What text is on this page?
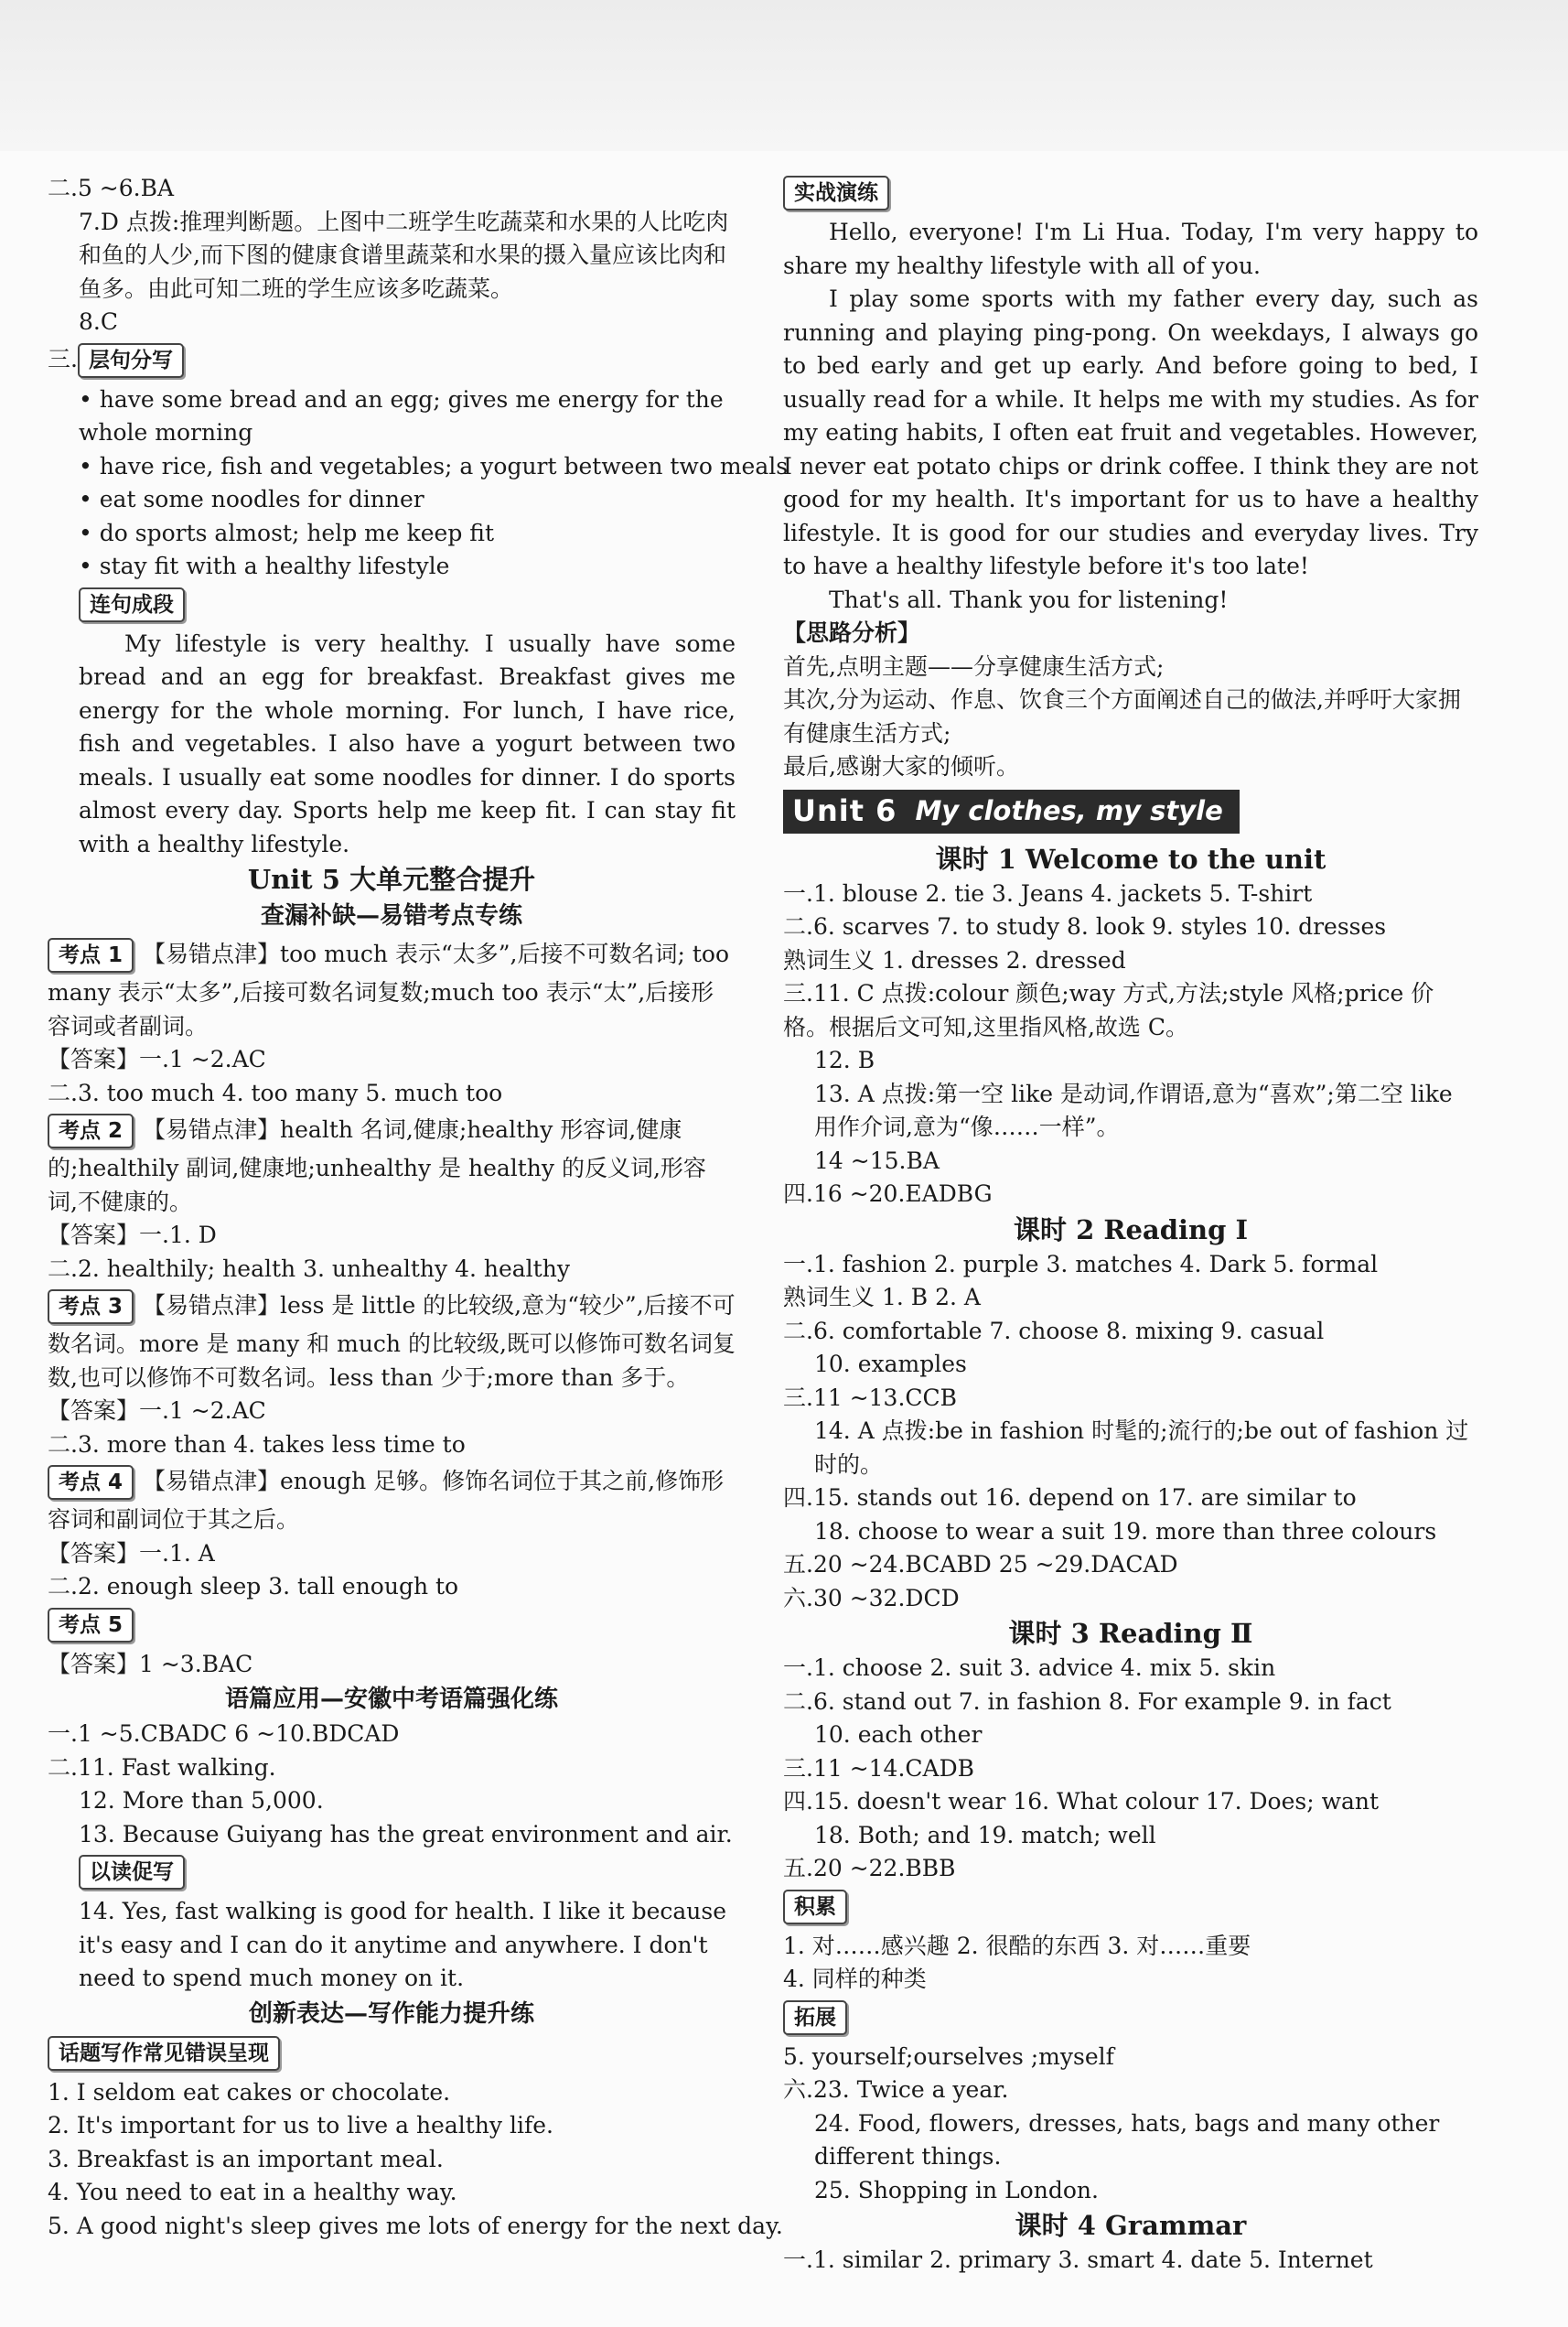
二.5 ~6.BA
7.D 点拨:推理判断题。上图中二班学生吃蔬菜和水果的人比吃肉和鱼的人少,而下图的健康食谱里蔬菜和水果的摄入量应该比肉和鱼多。由此可知二班的学生应该多吃蔬菜。
8.C
三. 层句分写
• have some bread and an egg; gives me energy for the whole morning
• have rice, fish and vegetables; a yogurt between two meals
• eat some noodles for dinner
• do sports almost; help me keep fit
• stay fit with a healthy lifestyle
连句成段
My lifestyle is very healthy. I usually have some bread and an egg for breakfast. Breakfast gives me energy for the whole morning. For lunch, I have rice, fish and vegetables. I also have a yogurt between two meals. I usually eat some noodles for dinner. I do sports almost every day. Sports help me keep fit. I can stay fit with a healthy lifestyle.
Unit 5 大单元整合提升
查漏补缺—易错考点专练
考点 1 【易错点津】too much 表示“太多”,后接不可数名词; too many 表示“太多”,后接可数名词复数;much too 表示“太”,后接形容词或者副词。
【答案】一.1 ~2.AC
二.3. too much 4. too many 5. much too
考点 2 【易错点津】health 名词,健康;healthy 形容词,健康的;healthily 副词,健康地;unhealthy 是 healthy 的反义词,形容词,不健康的。
【答案】一.1. D
二.2. healthily; health 3. unhealthy 4. healthy
考点 3 【易错点津】less 是 little 的比较级,意为“较少”,后接不可数名词。more 是 many 和 much 的比较级,既可以修饰可数名词复数,也可以修饰不可数名词。less than 少于;more than 多于。
【答案】一.1 ~2.AC
二.3. more than 4. takes less time to
考点 4 【易错点津】enough 足够。修饰名词位于其之前,修饰形容词和副词位于其之后。
【答案】一.1. A
二.2. enough sleep 3. tall enough to
考点 5
【答案】1 ~3.BAC
语篇应用—安徽中考语篇强化练
一.1 ~5.CBADC 6 ~10.BDCAD
二.11. Fast walking.
12. More than 5,000.
13. Because Guiyang has the great environment and air.
以读促写
14. Yes, fast walking is good for health. I like it because it's easy and I can do it anytime and anywhere. I don't need to spend much money on it.
创新表达—写作能力提升练
话题写作常见错误呈现
1. I seldom eat cakes or chocolate.
2. It's important for us to live a healthy life.
3. Breakfast is an important meal.
4. You need to eat in a healthy way.
5. A good night's sleep gives me lots of energy for the next day.
实战演练
Hello, everyone! I'm Li Hua. Today, I'm very happy to share my healthy lifestyle with all of you.
I play some sports with my father every day, such as running and playing ping-pong. On weekdays, I always go to bed early and get up early. And before going to bed, I usually read for a while. It helps me with my studies. As for my eating habits, I often eat fruit and vegetables. However, I never eat potato chips or drink coffee. I think they are not good for my health. It's important for us to have a healthy lifestyle. It is good for our studies and everyday lives. Try to have a healthy lifestyle before it's too late!
That's all. Thank you for listening!
【思路分析】
首先,点明主题——分享健康生活方式;
其次,分为运动、作息、饮食三个方面阐述自己的做法,并呼吁大家拥有健康生活方式;
最后,感谢大家的倾听。
Unit 6 My clothes, my style
课时 1 Welcome to the unit
一.1. blouse 2. tie 3. Jeans 4. jackets 5. T-shirt
二.6. scarves 7. to study 8. look 9. styles 10. dresses
熟词生义 1. dresses 2. dressed
三.11. C 点拨:colour 颜色;way 方式,方法;style 风格;price 价格。根据后文可知,这里指风格,故选 C。
12. B
13. A 点拨:第一空 like 是动词,作谓语,意为“喜欢”;第二空 like 用作介词,意为“像……一样”。
14 ~15.BA
四.16 ~20.EADBG
课时 2 Reading Ⅰ
一.1. fashion 2. purple 3. matches 4. Dark 5. formal
熟词生义 1. B 2. A
二.6. comfortable 7. choose 8. mixing 9. casual
10. examples
三.11 ~13.CCB
14. A 点拨:be in fashion 时髦的;流行的;be out of fashion 过时的。
四.15. stands out 16. depend on 17. are similar to
18. choose to wear a suit 19. more than three colours
五.20 ~24.BCABD 25 ~29.DACAD
六.30 ~32.DCD
课时 3 Reading Ⅱ
一.1. choose 2. suit 3. advice 4. mix 5. skin
二.6. stand out 7. in fashion 8. For example 9. in fact
10. each other
三.11 ~14.CADB
四.15. doesn't wear 16. What colour 17. Does; want
18. Both; and 19. match; well
五.20 ~22.BBB
积累
1. 对……感兴趣 2. 很酷的东西 3. 对……重要
4. 同样的种类
拓展
5. yourself;ourselves ;myself
六.23. Twice a year.
24. Food, flowers, dresses, hats, bags and many other different things.
25. Shopping in London.
课时 4 Grammar
一.1. similar 2. primary 3. smart 4. date 5. Internet
